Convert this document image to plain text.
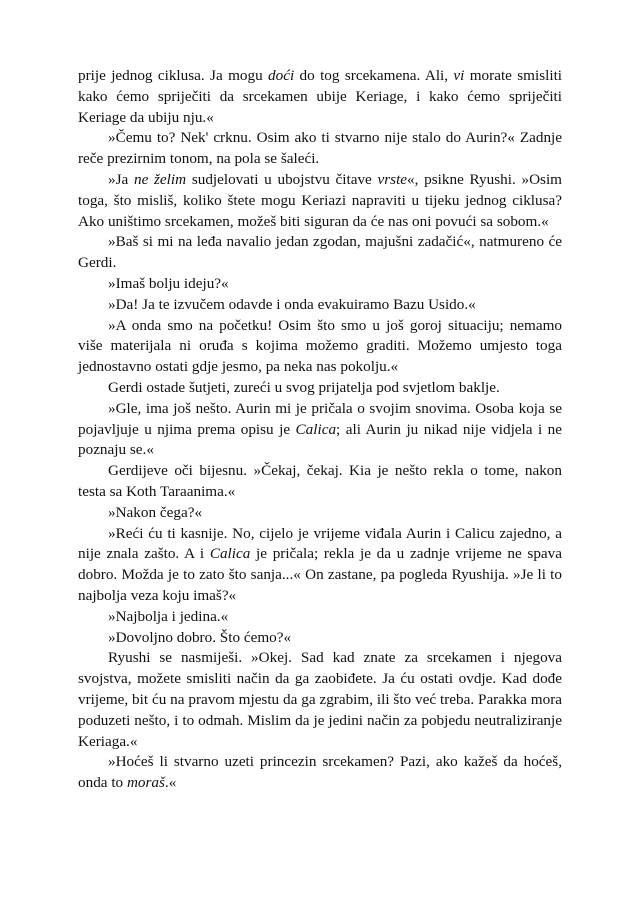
prije jednog ciklusa. Ja mogu doći do tog srcekamena. Ali, vi morate smisliti kako ćemo spriječiti da srcekamen ubije Keriage, i kako ćemo spriječiti Keriage da ubiju nju.«

»Čemu to? Nek' crknu. Osim ako ti stvarno nije stalo do Aurin?« Zadnje reče prezirnim tonom, na pola se šaleći.

»Ja ne želim sudjelovati u ubojstvu čitave vrste«, psikne Ryushi. »Osim toga, što misliš, koliko štete mogu Keriazi napraviti u tijeku jednog ciklusa? Ako uništimo srcekamen, možeš biti siguran da će nas oni povući sa sobom.«

»Baš si mi na leđa navalio jedan zgodan, majušni zadačić«, natmureno će Gerdi.

»Imaš bolju ideju?«

»Da! Ja te izvučem odavde i onda evakuiramo Bazu Usido.«

»A onda smo na početku! Osim što smo u još goroj situaciju; nemamo više materijala ni oruđa s kojima možemo graditi. Možemo umjesto toga jednostavno ostati gdje jesmo, pa neka nas pokolju.«

Gerdi ostade šutjeti, zureći u svog prijatelja pod svjetlom baklje.

»Gle, ima još nešto. Aurin mi je pričala o svojim snovima. Osoba koja se pojavljuje u njima prema opisu je Calica; ali Aurin ju nikad nije vidjela i ne poznaju se.«

Gerdijeve oči bijesnu. »Čekaj, čekaj. Kia je nešto rekla o tome, nakon testa sa Koth Taraanima.«

»Nakon čega?«

»Reći ću ti kasnije. No, cijelo je vrijeme viđala Aurin i Calicu zajedno, a nije znala zašto. A i Calica je pričala; rekla je da u zadnje vrijeme ne spava dobro. Možda je to zato što sanja...« On zastane, pa pogleda Ryushija. »Je li to najbolja veza koju imaš?«

»Najbolja i jedina.«

»Dovoljno dobro. Što ćemo?«

Ryushi se nasmiješi. »Okej. Sad kad znate za srcekamen i njegova svojstva, možete smisliti način da ga zaobiđete. Ja ću ostati ovdje. Kad dođe vrijeme, bit ću na pravom mjestu da ga zgrabim, ili što već treba. Parakka mora poduzeti nešto, i to odmah. Mislim da je jedini način za pobjedu neutraliziranje Keriaga.«

»Hoćeš li stvarno uzeti princezin srcekamen? Pazi, ako kažeš da hoćeš, onda to moraš.«
